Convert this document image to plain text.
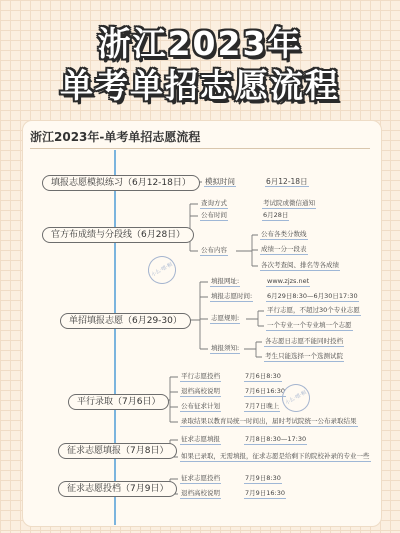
浙江2023年
单考单招志愿流程
浙江2023年-单考单招志愿流程
填报志愿模拟练习（6月12-18日）
官方布成绩与分段线（6月28日）
单招填报志愿（6月29-30）
平行录取（7月6日）
征求志愿填报（7月8日）
征求志愿投档（7月9日）
模拟时间	6月12-18日
查询方式	考试院或微信通知
公布时间	6月28日
公布内容
公布各类分数线
成绩一分一段表
各次考查阅、排名等各成绩
填报网址:	www.zjzs.net
填报志愿时间: 6月29日8:30—6月30日17:30
志愿规则:
平行志愿，不超过30个专业志愿
一个专业一个专业填一个志愿
填报须知:
各志愿日志愿不能同时投档
考生只能选择一个选测试院
平行志愿投档	7月6日8:30
退档高校说明	7月6日16:30
公布征求计划	7月7日晚上
录取结果以教育局统一时间出，届时考试院统一公布录取结果
征求志愿填报	7月8日8:30—17:30
如果已录取，无需填报，征求志愿是给剩下的院校补录的专业一些
征求志愿投档	7月9日8:30
退档高校说明	7月9日16:30
小么·嘻·桐
小么·嘻·桐
